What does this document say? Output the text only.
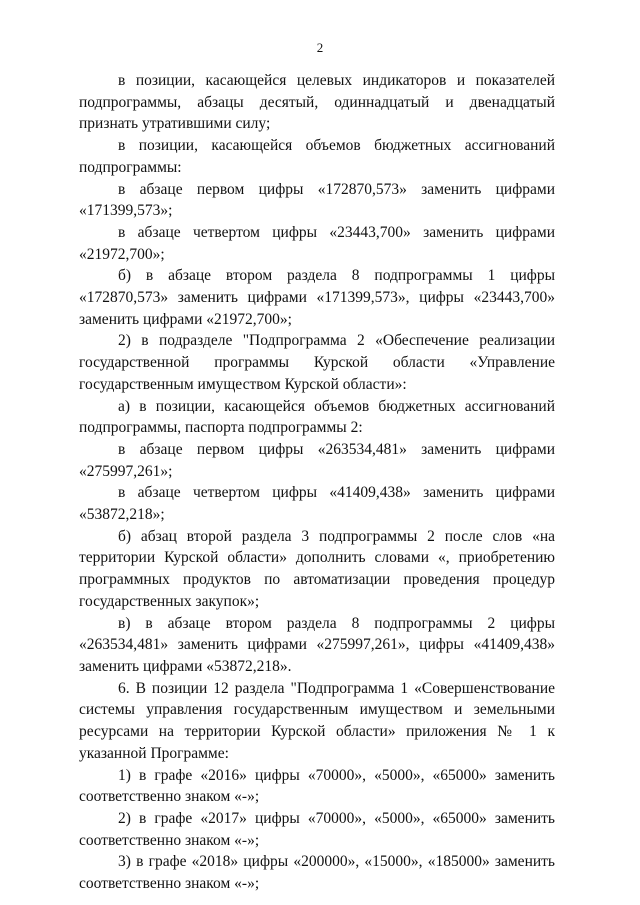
2

в позиции, касающейся целевых индикаторов и показателей подпрограммы, абзацы десятый, одиннадцатый и двенадцатый признать утратившими силу;

в позиции, касающейся объемов бюджетных ассигнований подпрограммы:

в абзаце первом цифры «172870,573» заменить цифрами «171399,573»;

в абзаце четвертом цифры «23443,700» заменить цифрами «21972,700»;

б) в абзаце втором раздела 8 подпрограммы 1 цифры «172870,573» заменить цифрами «171399,573», цифры «23443,700» заменить цифрами «21972,700»;

2) в подразделе "Подпрограмма 2 «Обеспечение реализации государственной программы Курской области «Управление государственным имуществом Курской области»:

а) в позиции, касающейся объемов бюджетных ассигнований подпрограммы, паспорта подпрограммы 2:

в абзаце первом цифры «263534,481» заменить цифрами «275997,261»;

в абзаце четвертом цифры «41409,438» заменить цифрами «53872,218»;

б) абзац второй раздела 3 подпрограммы 2 после слов «на территории Курской области» дополнить словами «, приобретению программных продуктов по автоматизации проведения процедур государственных закупок»;

в) в абзаце втором раздела 8 подпрограммы 2 цифры «263534,481» заменить цифрами «275997,261», цифры «41409,438» заменить цифрами «53872,218».

6. В позиции 12 раздела "Подпрограмма 1 «Совершенствование системы управления государственным имуществом и земельными ресурсами на территории Курской области» приложения № 1 к указанной Программе:

1) в графе «2016» цифры «70000», «5000», «65000» заменить соответственно знаком «-»;

2) в графе «2017» цифры «70000», «5000», «65000» заменить соответственно знаком «-»;

3) в графе «2018» цифры «200000», «15000», «185000» заменить соответственно знаком «-»;
